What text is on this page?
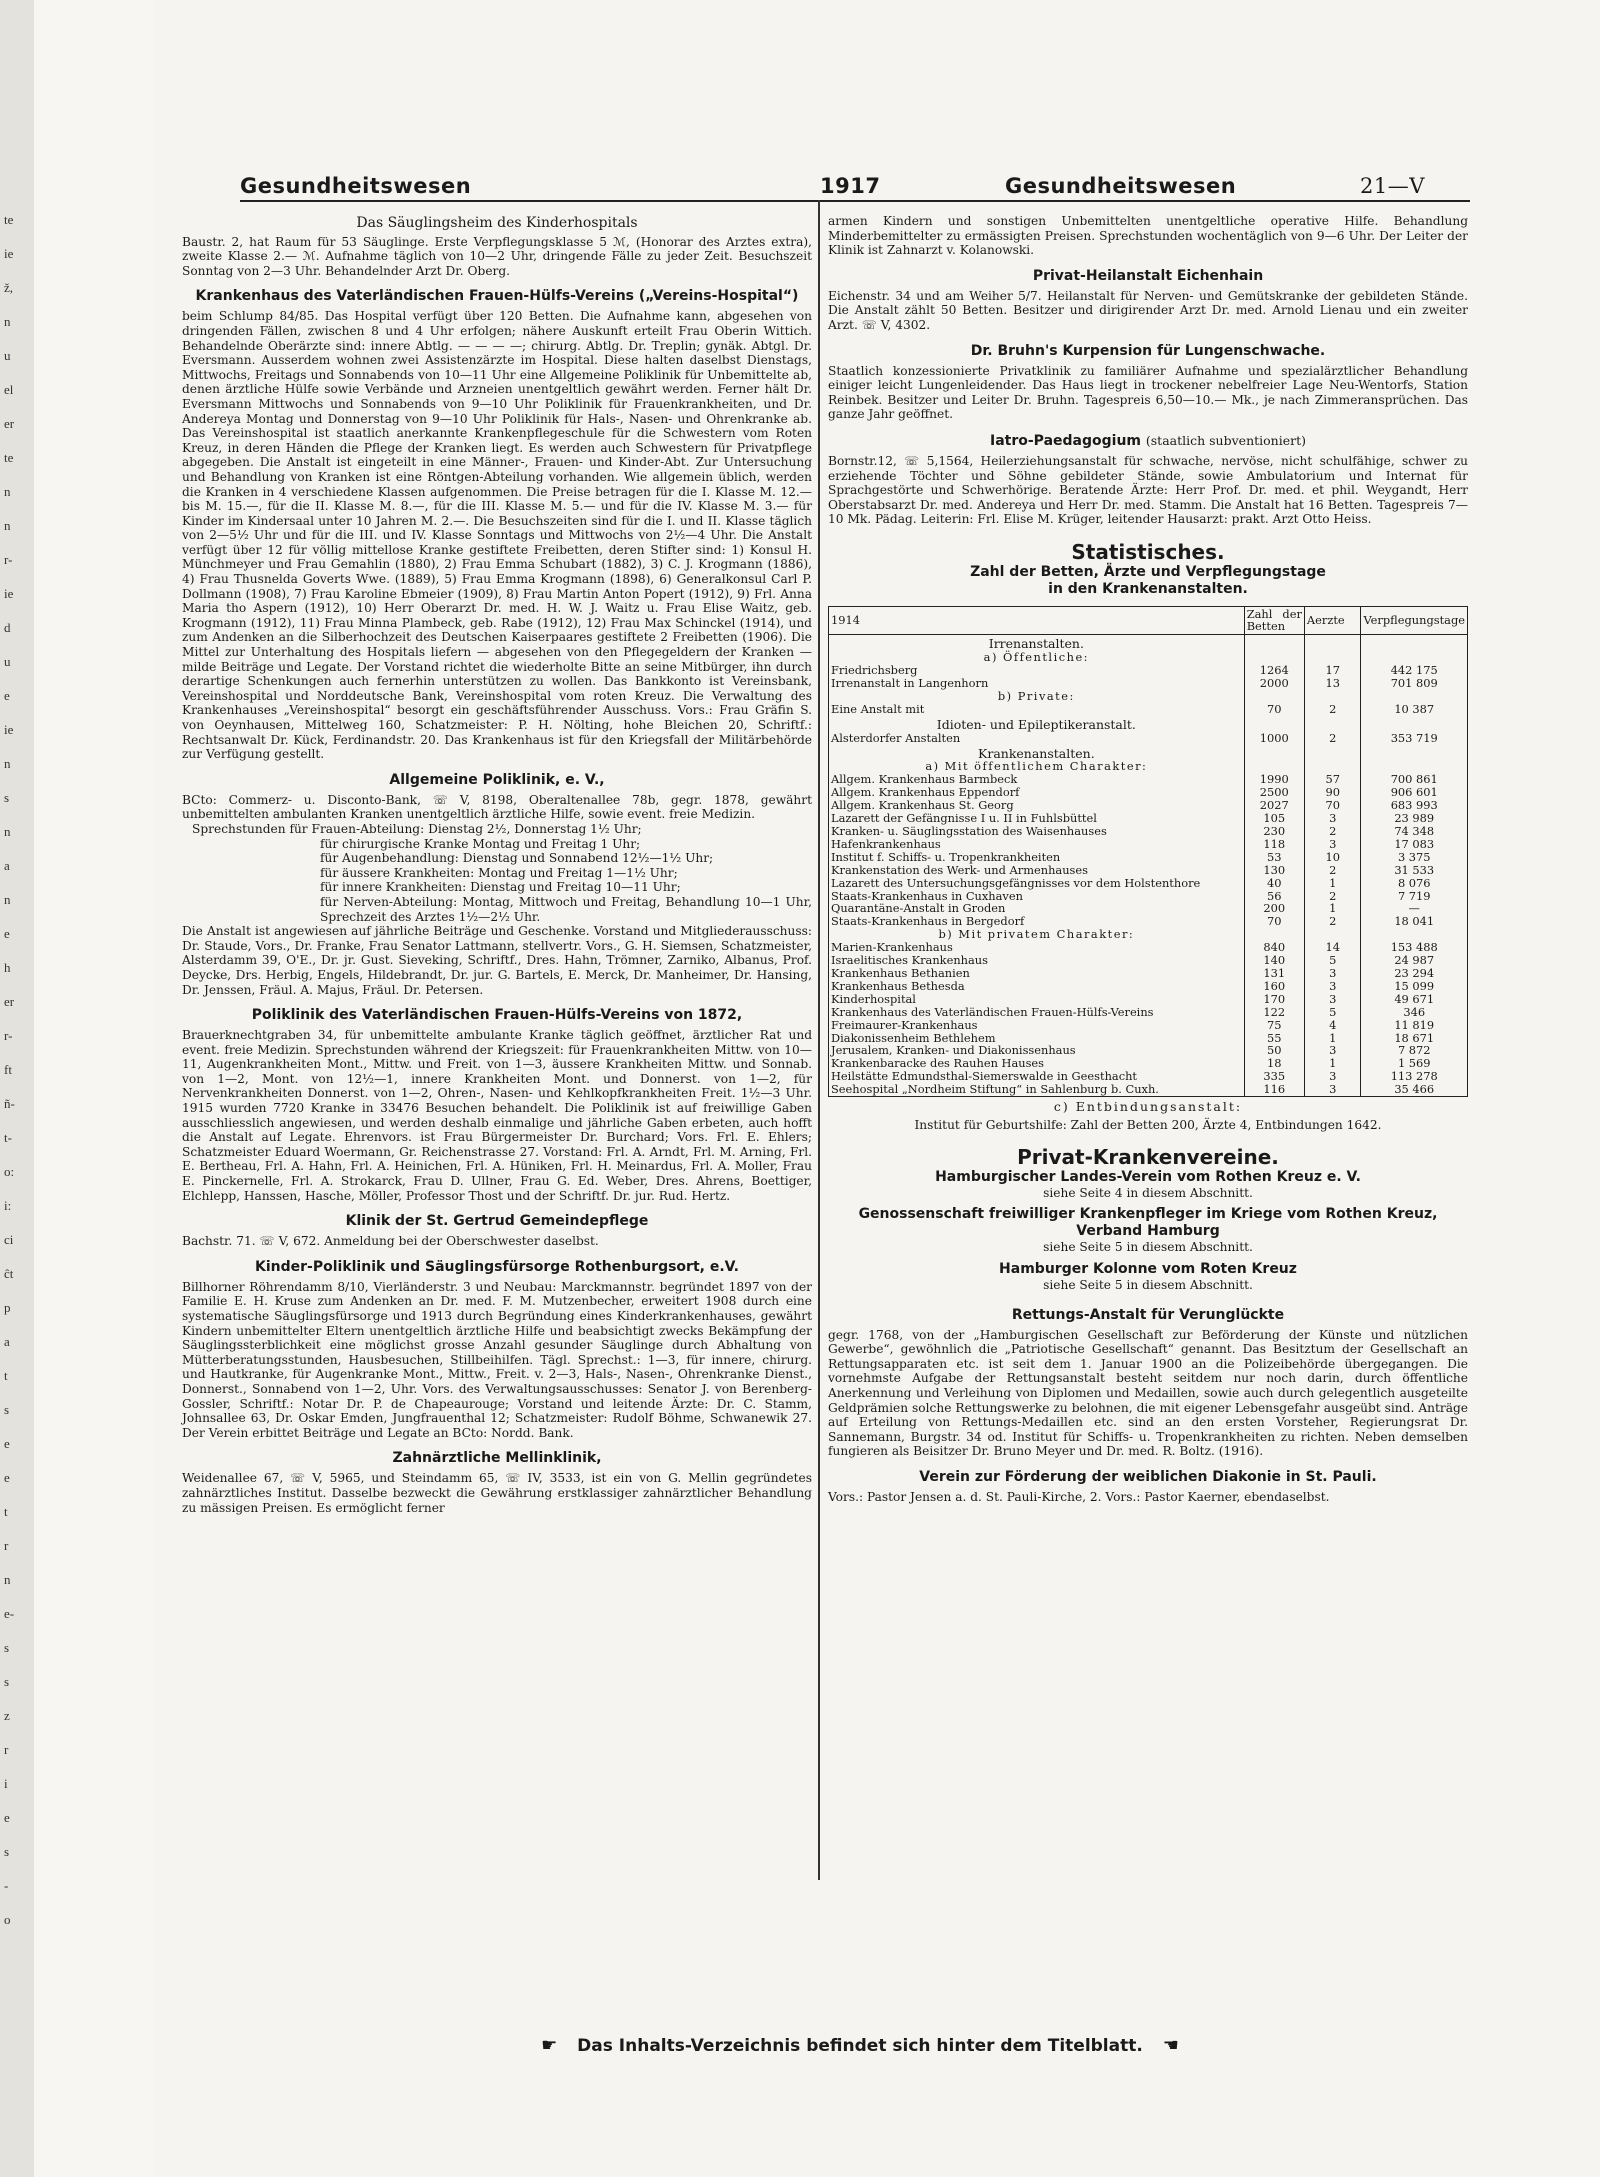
te
ie
ž,
n
u
el
er
te
n
n
r-
ie
d
u
e
ie
n
s
n
a
n
e
h
er
r-
ft
ñ-
t-
o:
i:
ci
ĉt
p
a
t
s
e
e
t
r
n
e-
s
s
z
r
i
e
s
-
o
Gesundheitswesen	1917	Gesundheitswesen	21—V
Das Säuglingsheim des Kinderhospitals

Baustr. 2, hat Raum für 53 Säuglinge. Erste Verpflegungsklasse 5 ℳ, (Honorar des Arztes extra), zweite Klasse 2.— ℳ. Aufnahme täglich von 10—2 Uhr, dringende Fälle zu jeder Zeit. Besuchszeit Sonntag von 2—3 Uhr. Behandelnder Arzt Dr. Oberg.

Krankenhaus des Vaterländischen Frauen-Hülfs-Vereins („Vereins-Hospital“)

beim Schlump 84/85. Das Hospital verfügt über 120 Betten. Die Aufnahme kann, abgesehen von dringenden Fällen, zwischen 8 und 4 Uhr erfolgen; nähere Auskunft erteilt Frau Oberin Wittich. Behandelnde Oberärzte sind: innere Abtlg. — — — —; chirurg. Abtlg. Dr. Treplin; gynäk. Abtgl. Dr. Eversmann. Ausserdem wohnen zwei Assistenzärzte im Hospital. Diese halten daselbst Dienstags, Mittwochs, Freitags und Sonnabends von 10—11 Uhr eine Allgemeine Poliklinik für Unbemittelte ab, denen ärztliche Hülfe sowie Verbände und Arzneien unentgeltlich gewährt werden. Ferner hält Dr. Eversmann Mittwochs und Sonnabends von 9—10 Uhr Poliklinik für Frauenkrankheiten, und Dr. Andereya Montag und Donnerstag von 9—10 Uhr Poliklinik für Hals-, Nasen- und Ohrenkranke ab. Das Vereinshospital ist staatlich anerkannte Krankenpflegeschule für die Schwestern vom Roten Kreuz, in deren Händen die Pflege der Kranken liegt. Es werden auch Schwestern für Privatpflege abgegeben. Die Anstalt ist eingeteilt in eine Männer-, Frauen- und Kinder-Abt. Zur Untersuchung und Behandlung von Kranken ist eine Röntgen-Abteilung vorhanden. Wie allgemein üblich, werden die Kranken in 4 verschiedene Klassen aufgenommen. Die Preise betragen für die I. Klasse M. 12.— bis M. 15.—, für die II. Klasse M. 8.—, für die III. Klasse M. 5.— und für die IV. Klasse M. 3.— für Kinder im Kindersaal unter 10 Jahren M. 2.—. Die Besuchszeiten sind für die I. und II. Klasse täglich von 2—5½ Uhr und für die III. und IV. Klasse Sonntags und Mittwochs von 2½—4 Uhr. Die Anstalt verfügt über 12 für völlig mittellose Kranke gestiftete Freibetten, deren Stifter sind: 1) Konsul H. Münchmeyer und Frau Gemahlin (1880), 2) Frau Emma Schubart (1882), 3) C. J. Krogmann (1886), 4) Frau Thusnelda Goverts Wwe. (1889), 5) Frau Emma Krogmann (1898), 6) Generalkonsul Carl P. Dollmann (1908), 7) Frau Karoline Ebmeier (1909), 8) Frau Martin Anton Popert (1912), 9) Frl. Anna Maria tho Aspern (1912), 10) Herr Oberarzt Dr. med. H. W. J. Waitz u. Frau Elise Waitz, geb. Krogmann (1912), 11) Frau Minna Plambeck, geb. Rabe (1912), 12) Frau Max Schinckel (1914), und zum Andenken an die Silberhochzeit des Deutschen Kaiserpaares gestiftete 2 Freibetten (1906). Die Mittel zur Unterhaltung des Hospitals liefern — abgesehen von den Pflegegeldern der Kranken — milde Beiträge und Legate. Der Vorstand richtet die wiederholte Bitte an seine Mitbürger, ihn durch derartige Schenkungen auch fernerhin unterstützen zu wollen. Das Bankkonto ist Vereinsbank, Vereinshospital und Norddeutsche Bank, Vereinshospital vom roten Kreuz. Die Verwaltung des Krankenhauses „Vereinshospital“ besorgt ein geschäftsführender Ausschuss. Vors.: Frau Gräfin S. von Oeynhausen, Mittelweg 160, Schatzmeister: P. H. Nölting, hohe Bleichen 20, Schriftf.: Rechtsanwalt Dr. Kück, Ferdinandstr. 20. Das Krankenhaus ist für den Kriegsfall der Militärbehörde zur Verfügung gestellt.

Allgemeine Poliklinik, e. V.,

BCto: Commerz- u. Disconto-Bank, ☏ V, 8198, Oberaltenallee 78b, gegr. 1878, gewährt unbemittelten ambulanten Kranken unentgeltlich ärztliche Hilfe, sowie event. freie Medizin.

Sprechstunden für Frauen-Abteilung: Dienstag 2½, Donnerstag 1½ Uhr;

für chirurgische Kranke Montag und Freitag 1 Uhr;

für Augenbehandlung: Dienstag und Sonnabend 12½—1½ Uhr;

für äussere Krankheiten: Montag und Freitag 1—1½ Uhr;

für innere Krankheiten: Dienstag und Freitag 10—11 Uhr;

für Nerven-Abteilung: Montag, Mittwoch und Freitag, Behandlung 10—1 Uhr, Sprechzeit des Arztes 1½—2½ Uhr.

Die Anstalt ist angewiesen auf jährliche Beiträge und Geschenke. Vorstand und Mitgliederausschuss: Dr. Staude, Vors., Dr. Franke, Frau Senator Lattmann, stellvertr. Vors., G. H. Siemsen, Schatzmeister, Alsterdamm 39, O'E., Dr. jr. Gust. Sieveking, Schriftf., Dres. Hahn, Trömner, Zarniko, Albanus, Prof. Deycke, Drs. Herbig, Engels, Hildebrandt, Dr. jur. G. Bartels, E. Merck, Dr. Manheimer, Dr. Hansing, Dr. Jenssen, Fräul. A. Majus, Fräul. Dr. Petersen.

Poliklinik des Vaterländischen Frauen-Hülfs-Vereins von 1872,

Brauerknechtgraben 34, für unbemittelte ambulante Kranke täglich geöffnet, ärztlicher Rat und event. freie Medizin. Sprechstunden während der Kriegszeit: für Frauenkrankheiten Mittw. von 10—11, Augenkrankheiten Mont., Mittw. und Freit. von 1—3, äussere Krankheiten Mittw. und Sonnab. von 1—2, Mont. von 12½—1, innere Krankheiten Mont. und Donnerst. von 1—2, für Nervenkrankheiten Donnerst. von 1—2, Ohren-, Nasen- und Kehlkopfkrankheiten Freit. 1½—3 Uhr. 1915 wurden 7720 Kranke in 33476 Besuchen behandelt. Die Poliklinik ist auf freiwillige Gaben ausschliesslich angewiesen, und werden deshalb einmalige und jährliche Gaben erbeten, auch hofft die Anstalt auf Legate. Ehrenvors. ist Frau Bürgermeister Dr. Burchard; Vors. Frl. E. Ehlers; Schatzmeister Eduard Woermann, Gr. Reichenstrasse 27. Vorstand: Frl. A. Arndt, Frl. M. Arning, Frl. E. Bertheau, Frl. A. Hahn, Frl. A. Heinichen, Frl. A. Hüniken, Frl. H. Meinardus, Frl. A. Moller, Frau E. Pinckernelle, Frl. A. Strokarck, Frau D. Ullner, Frau G. Ed. Weber, Dres. Ahrens, Boettiger, Elchlepp, Hanssen, Hasche, Möller, Professor Thost und der Schriftf. Dr. jur. Rud. Hertz.

Klinik der St. Gertrud Gemeindepflege

Bachstr. 71. ☏ V, 672. Anmeldung bei der Oberschwester daselbst.

Kinder-Poliklinik und Säuglingsfürsorge Rothenburgsort, e.V.

Billhorner Röhrendamm 8/10, Vierländerstr. 3 und Neubau: Marckmannstr. begründet 1897 von der Familie E. H. Kruse zum Andenken an Dr. med. F. M. Mutzenbecher, erweitert 1908 durch eine systematische Säuglingsfürsorge und 1913 durch Begründung eines Kinderkrankenhauses, gewährt Kindern unbemittelter Eltern unentgeltlich ärztliche Hilfe und beabsichtigt zwecks Bekämpfung der Säuglingssterblichkeit eine möglichst grosse Anzahl gesunder Säuglinge durch Abhaltung von Mütterberatungsstunden, Hausbesuchen, Stillbeihilfen. Tägl. Sprechst.: 1—3, für innere, chirurg. und Hautkranke, für Augenkranke Mont., Mittw., Freit. v. 2—3, Hals-, Nasen-, Ohrenkranke Dienst., Donnerst., Sonnabend von 1—2, Uhr. Vors. des Verwaltungsausschusses: Senator J. von Berenberg-Gossler, Schriftf.: Notar Dr. P. de Chapeaurouge; Vorstand und leitende Ärzte: Dr. C. Stamm, Johnsallee 63, Dr. Oskar Emden, Jungfrauenthal 12; Schatzmeister: Rudolf Böhme, Schwanewik 27. Der Verein erbittet Beiträge und Legate an BCto: Nordd. Bank.

Zahnärztliche Mellinklinik,

Weidenallee 67, ☏ V, 5965, und Steindamm 65, ☏ IV, 3533, ist ein von G. Mellin gegründetes zahnärztliches Institut. Dasselbe bezweckt die Gewährung erstklassiger zahnärztlicher Behandlung zu mässigen Preisen. Es ermöglicht ferner

armen Kindern und sonstigen Unbemittelten unentgeltliche operative Hilfe. Behandlung Minderbemittelter zu ermässigten Preisen. Sprechstunden wochentäglich von 9—6 Uhr. Der Leiter der Klinik ist Zahnarzt v. Kolanowski.

Privat-Heilanstalt Eichenhain

Eichenstr. 34 und am Weiher 5/7. Heilanstalt für Nerven- und Gemütskranke der gebildeten Stände. Die Anstalt zählt 50 Betten. Besitzer und dirigirender Arzt Dr. med. Arnold Lienau und ein zweiter Arzt. ☏ V, 4302.

Dr. Bruhn's Kurpension für Lungenschwache.

Staatlich konzessionierte Privatklinik zu familiärer Aufnahme und spezialärztlicher Behandlung einiger leicht Lungenleidender. Das Haus liegt in trockener nebelfreier Lage Neu-Wentorfs, Station Reinbek. Besitzer und Leiter Dr. Bruhn. Tagespreis 6,50—10.— Mk., je nach Zimmeransprüchen. Das ganze Jahr geöffnet.

Iatro-Paedagogium (staatlich subventioniert)

Bornstr.12, ☏ 5,1564, Heilerziehungsanstalt für schwache, nervöse, nicht schulfähige, schwer zu erziehende Töchter und Söhne gebildeter Stände, sowie Ambulatorium und Internat für Sprachgestörte und Schwerhörige. Beratende Ärzte: Herr Prof. Dr. med. et phil. Weygandt, Herr Oberstabsarzt Dr. med. Andereya und Herr Dr. med. Stamm. Die Anstalt hat 16 Betten. Tagespreis 7—10 Mk. Pädag. Leiterin: Frl. Elise M. Krüger, leitender Hausarzt: prakt. Arzt Otto Heiss.

Statistisches.
Zahl der Betten, Ärzte und Verpflegungstage
in den Krankenanstalten.
1914	Zahl der Betten	Aerzte	Verpflegungstage
Irrenanstalten.			
a) Öffentliche:			
Friedrichsberg	1264	17	442 175
Irrenanstalt in Langenhorn	2000	13	701 809
b) Private:			
Eine Anstalt mit	70	2	10 387
Idioten- und Epileptikeranstalt.			
Alsterdorfer Anstalten	1000	2	353 719
Krankenanstalten.			
a) Mit öffentlichem Charakter:			
Allgem. Krankenhaus Barmbeck	1990	57	700 861
Allgem. Krankenhaus Eppendorf	2500	90	906 601
Allgem. Krankenhaus St. Georg	2027	70	683 993
Lazarett der Gefängnisse I u. II in Fuhlsbüttel	105	3	23 989
Kranken- u. Säuglingsstation des Waisenhauses	230	2	74 348
Hafenkrankenhaus	118	3	17 083
Institut f. Schiffs- u. Tropenkrankheiten	53	10	3 375
Krankenstation des Werk- und Armenhauses	130	2	31 533
Lazarett des Untersuchungsgefängnisses vor dem Holstenthore	40	1	8 076
Staats-Krankenhaus in Cuxhaven	56	2	7 719
Quarantäne-Anstalt in Groden	200	1	—
Staats-Krankenhaus in Bergedorf	70	2	18 041
b) Mit privatem Charakter:			
Marien-Krankenhaus	840	14	153 488
Israelitisches Krankenhaus	140	5	24 987
Krankenhaus Bethanien	131	3	23 294
Krankenhaus Bethesda	160	3	15 099
Kinderhospital	170	3	49 671
Krankenhaus des Vaterländischen Frauen-Hülfs-Vereins	122	5	346
Freimaurer-Krankenhaus	75	4	11 819
Diakonissenheim Bethlehem	55	1	18 671
Jerusalem, Kranken- und Diakonissenhaus	50	3	7 872
Krankenbaracke des Rauhen Hauses	18	1	1 569
Heilstätte Edmundsthal-Siemerswalde in Geesthacht	335	3	113 278
Seehospital „Nordheim Stiftung“ in Sahlenburg b. Cuxh.	116	3	35 466
c) Entbindungsanstalt:
Institut für Geburtshilfe: Zahl der Betten 200, Ärzte 4, Entbindungen 1642.
Privat-Krankenvereine.
Hamburgischer Landes-Verein vom Rothen Kreuz e. V.
siehe Seite 4 in diesem Abschnitt.
Genossenschaft freiwilliger Krankenpfleger im Kriege vom Rothen Kreuz, Verband Hamburg
siehe Seite 5 in diesem Abschnitt.
Hamburger Kolonne vom Roten Kreuz
siehe Seite 5 in diesem Abschnitt.
Rettungs-Anstalt für Verunglückte

gegr. 1768, von der „Hamburgischen Gesellschaft zur Beförderung der Künste und nützlichen Gewerbe“, gewöhnlich die „Patriotische Gesellschaft“ genannt. Das Besitztum der Gesellschaft an Rettungsapparaten etc. ist seit dem 1. Januar 1900 an die Polizeibehörde übergegangen. Die vornehmste Aufgabe der Rettungsanstalt besteht seitdem nur noch darin, durch öffentliche Anerkennung und Verleihung von Diplomen und Medaillen, sowie auch durch gelegentlich ausgeteilte Geldprämien solche Rettungswerke zu belohnen, die mit eigener Lebensgefahr ausgeübt sind. Anträge auf Erteilung von Rettungs-Medaillen etc. sind an den ersten Vorsteher, Regierungsrat Dr. Sannemann, Burgstr. 34 od. Institut für Schiffs- u. Tropenkrankheiten zu richten. Neben demselben fungieren als Beisitzer Dr. Bruno Meyer und Dr. med. R. Boltz. (1916).

Verein zur Förderung der weiblichen Diakonie in St. Pauli.

Vors.: Pastor Jensen a. d. St. Pauli-Kirche, 2. Vors.: Pastor Kaerner, ebendaselbst.

☛ Das Inhalts-Verzeichnis befindet sich hinter dem Titelblatt. ☚
